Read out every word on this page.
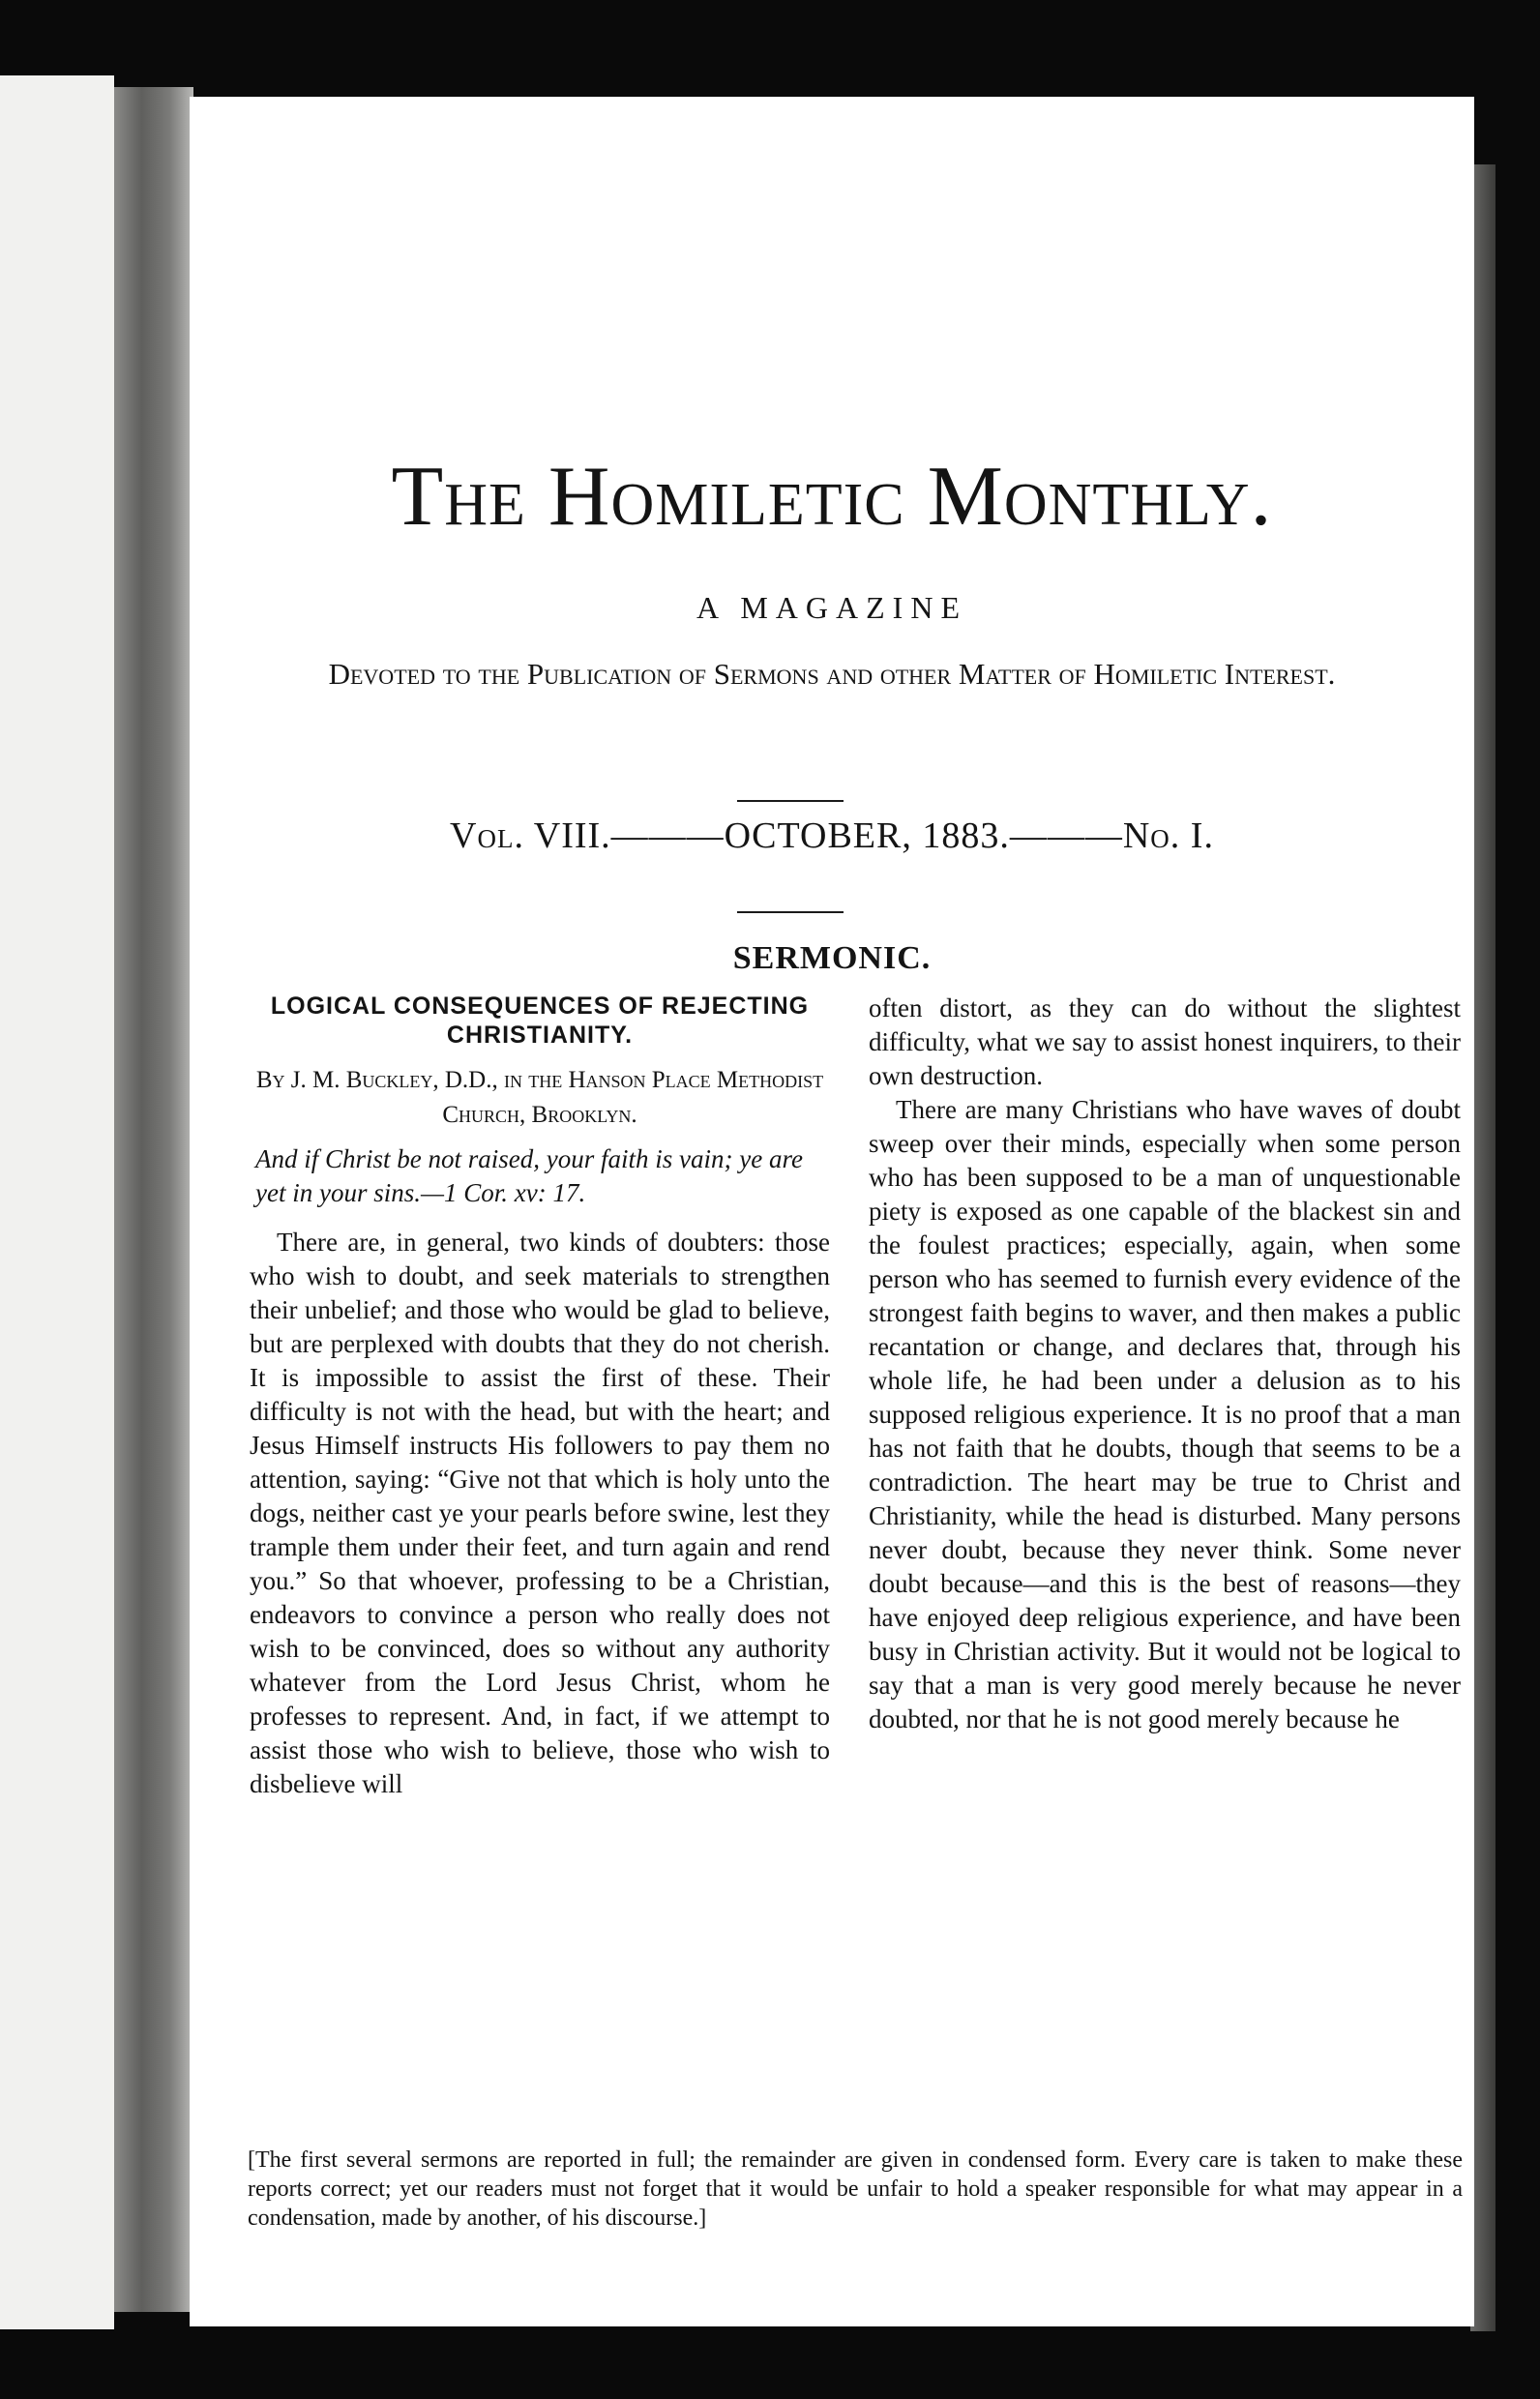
The Homiletic Monthly.
A MAGAZINE
Devoted to the Publication of Sermons and other Matter of Homiletic Interest.
Vol. VIII.———OCTOBER, 1883.———No. I.
SERMONIC.
LOGICAL CONSEQUENCES OF REJECTING CHRISTIANITY.
By J. M. Buckley, D.D., in the Hanson Place Methodist Church, Brooklyn.
And if Christ be not raised, your faith is vain; ye are yet in your sins.—1 Cor. xv: 17.

There are, in general, two kinds of doubters: those who wish to doubt, and seek materials to strengthen their unbelief; and those who would be glad to believe, but are perplexed with doubts that they do not cherish. It is impossible to assist the first of these. Their difficulty is not with the head, but with the heart; and Jesus Himself instructs His followers to pay them no attention, saying: “Give not that which is holy unto the dogs, neither cast ye your pearls before swine, lest they trample them under their feet, and turn again and rend you.” So that whoever, professing to be a Christian, endeavors to convince a person who really does not wish to be convinced, does so without any authority whatever from the Lord Jesus Christ, whom he professes to represent. And, in fact, if we attempt to assist those who wish to believe, those who wish to disbelieve will

often distort, as they can do without the slightest difficulty, what we say to assist honest inquirers, to their own destruction.

There are many Christians who have waves of doubt sweep over their minds, especially when some person who has been supposed to be a man of unquestionable piety is exposed as one capable of the blackest sin and the foulest practices; especially, again, when some person who has seemed to furnish every evidence of the strongest faith begins to waver, and then makes a public recantation or change, and declares that, through his whole life, he had been under a delusion as to his supposed religious experience. It is no proof that a man has not faith that he doubts, though that seems to be a contradiction. The heart may be true to Christ and Christianity, while the head is disturbed. Many persons never doubt, because they never think. Some never doubt because—and this is the best of reasons—they have enjoyed deep religious experience, and have been busy in Christian activity. But it would not be logical to say that a man is very good merely because he never doubted, nor that he is not good merely because he

[The first several sermons are reported in full; the remainder are given in condensed form. Every care is taken to make these reports correct; yet our readers must not forget that it would be unfair to hold a speaker responsible for what may appear in a condensation, made by another, of his discourse.]
